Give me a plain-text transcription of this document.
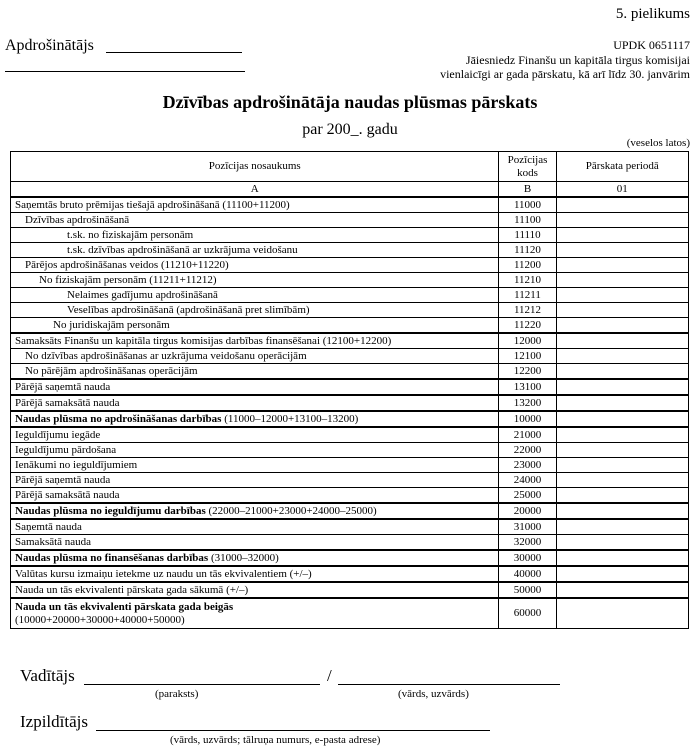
5. pielikums
Apdrošinātājs	UPDK 0651117
Jāiesniedz Finanšu un kapitāla tirgus komisijai
vienlaicīgi ar gada pārskatu, kā arī līdz 30. janvārim
Dzīvības apdrošinātāja naudas plūsmas pārskats
par 200_. gadu
(veselos latos)
Pozīcijas nosaukums	Pozīcijas kods	Pārskata periodā
A	B	01
Saņemtās bruto prēmijas tiešajā apdrošināšanā (11100+11200)	11000	
Dzīvības apdrošināšanā	11100	
t.sk. no fiziskajām personām	11110	
t.sk. dzīvības apdrošināšanā ar uzkrājuma veidošanu	11120	
Pārējos apdrošināšanas veidos (11210+11220)	11200	
No fiziskajām personām (11211+11212)	11210	
Nelaimes gadījumu apdrošināšanā	11211	
Veselības apdrošināšanā (apdrošināšanā pret slimībām)	11212	
No juridiskajām personām	11220	
Samaksāts Finanšu un kapitāla tirgus komisijas darbības finansēšanai (12100+12200)	12000	
No dzīvības apdrošināšanas ar uzkrājuma veidošanu operācijām	12100	
No pārējām apdrošināšanas operācijām	12200	
Pārējā saņemtā nauda	13100	
Pārējā samaksātā nauda	13200	
Naudas plūsma no apdrošināšanas darbības (11000–12000+13100–13200)	10000	
Ieguldījumu iegāde	21000	
Ieguldījumu pārdošana	22000	
Ienākumi no ieguldījumiem	23000	
Pārējā saņemtā nauda	24000	
Pārējā samaksātā nauda	25000	
Naudas plūsma no ieguldījumu darbības (22000–21000+23000+24000–25000)	20000	
Saņemtā nauda	31000	
Samaksātā nauda	32000	
Naudas plūsma no finansēšanas darbības (31000–32000)	30000	
Valūtas kursu izmaiņu ietekme uz naudu un tās ekvivalentiem (+/–)	40000	
Nauda un tās ekvivalenti pārskata gada sākumā (+/–)	50000	

Nauda un tās ekvivalenti pārskata gada beigās
(10000+20000+30000+40000+50000)	60000	
Vadītājs	/
(paraksts)	(vārds, uzvārds)
Izpildītājs
(vārds, uzvārds; tālruņa numurs, e-pasta adrese)
